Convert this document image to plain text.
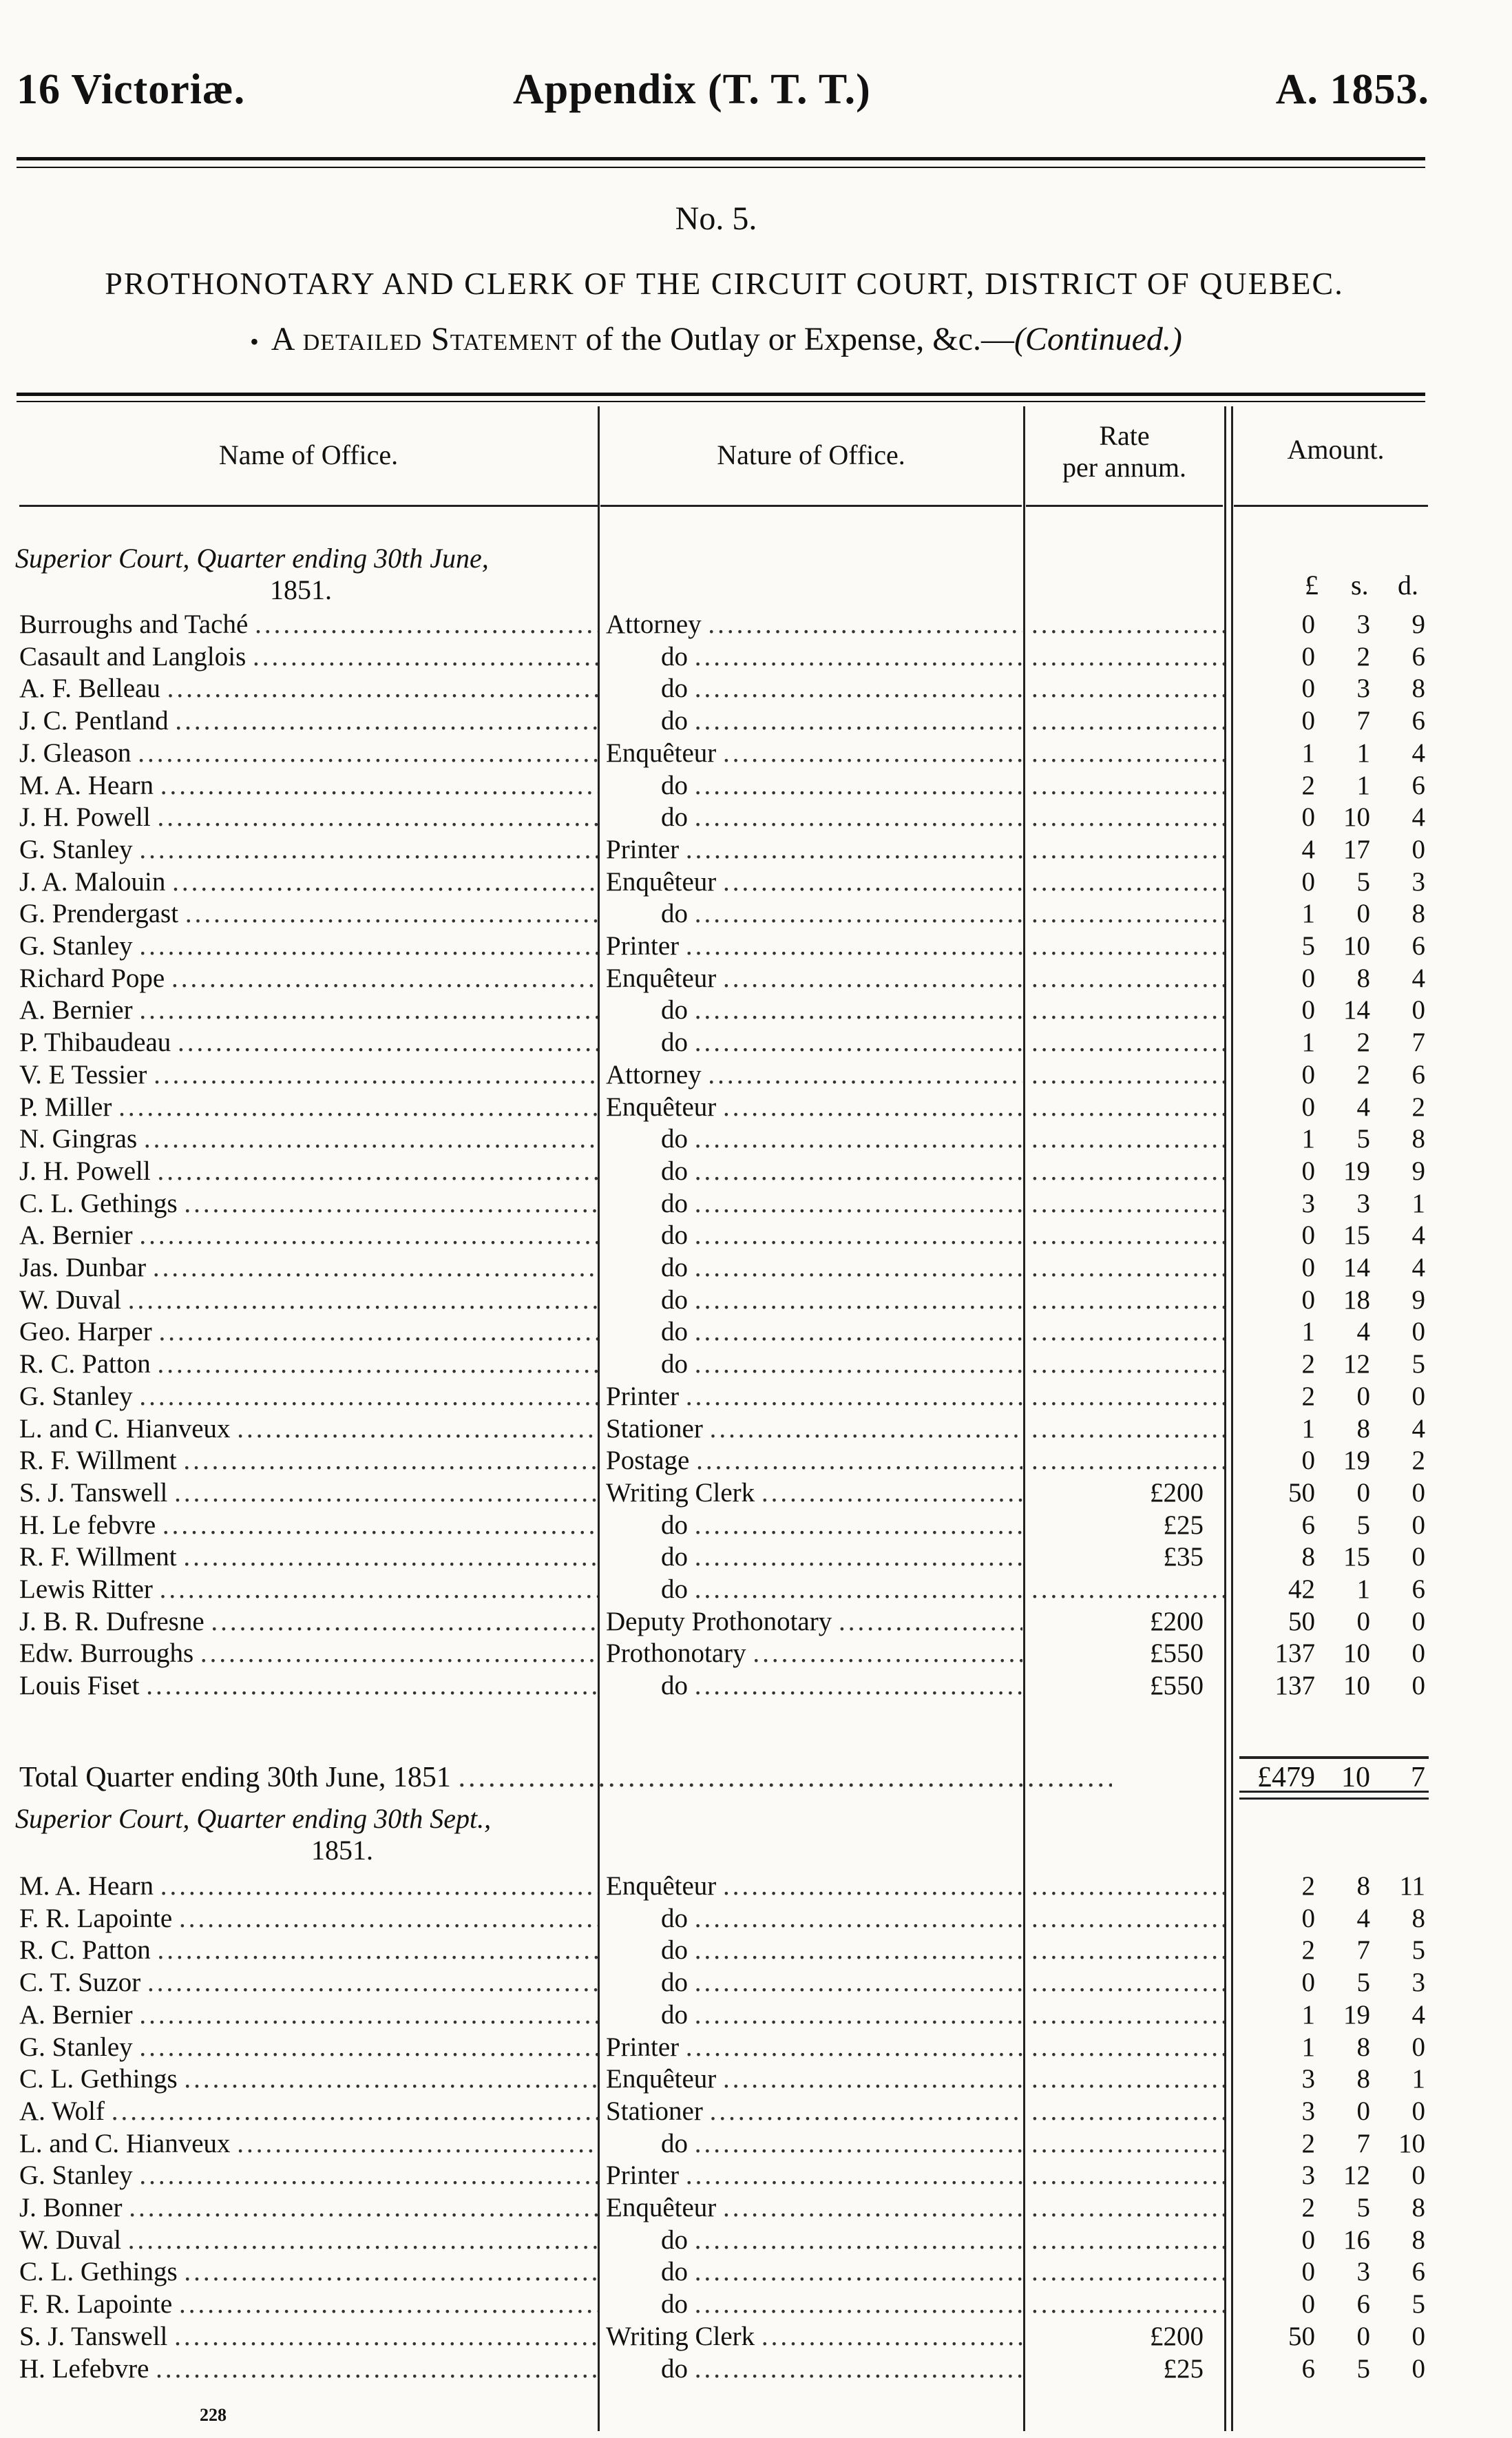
16 Victoriæ.	Appendix (T. T. T.)	A. 1853.
No. 5.
PROTHONOTARY AND CLERK OF THE CIRCUIT COURT, DISTRICT OF QUEBEC.
•  A detailed Statement of the Outlay or Expense, &c.—(Continued.)
Name of Office.	Nature of Office.
Rate
per annum.
Amount.
Superior Court, Quarter ending 30th June,
1851.	£ s. d.
Superior Court, Quarter ending 30th Sept.,
1851.
Burroughs and Taché .....	Attorney ..... .....	0	3	9
Casault and Langlois .....	do ..... .....	0	2	6
A. F. Belleau .....	do ..... .....	0	3	8
J. C. Pentland .....	do ..... .....	0	7	6
J. Gleason .....	Enquêteur ..... .....	1	1	4
M. A. Hearn .....	do ..... .....	2	1	6
J. H. Powell .....	do ..... .....	0	10	4
G. Stanley .....	Printer ..... .....	4	17	0
J. A. Malouin .....	Enquêteur ..... .....	0	5	3
G. Prendergast .....	do ..... .....	1	0	8
G. Stanley .....	Printer ..... .....	5	10	6
Richard Pope .....	Enquêteur ..... .....	0	8	4
A. Bernier .....	do ..... .....	0	14	0
P. Thibaudeau .....	do ..... .....	1	2	7
V. E Tessier .....	Attorney ..... .....	0	2	6
P. Miller .....	Enquêteur ..... .....	0	4	2
N. Gingras .....	do ..... .....	1	5	8
J. H. Powell .....	do ..... .....	0	19	9
C. L. Gethings .....	do ..... .....	3	3	1
A. Bernier .....	do ..... .....	0	15	4
Jas. Dunbar .....	do ..... .....	0	14	4
W. Duval .....	do ..... .....	0	18	9
Geo. Harper .....	do ..... .....	1	4	0
R. C. Patton .....	do ..... .....	2	12	5
G. Stanley .....	Printer ..... .....	2	0	0
L. and C. Hianveux .....	Stationer ..... .....	1	8	4
R. F. Willment .....	Postage ..... .....	0	19	2
S. J. Tanswell .....	Writing Clerk .....	£200	50	0	0
H. Le febvre .....	do .....	£25	6	5	0
R. F. Willment .....	do .....	£35	8	15	0
Lewis Ritter .....	do ..... .....	42	1	6
J. B. R. Dufresne .....	Deputy Prothonotary .....	£200	50	0	0
Edw. Burroughs .....	Prothonotary .....	£550	137	10	0
Louis Fiset .....	do .....	£550	137	10	0
Total Quarter ending 30th June, 1851 .....	£479 10	7
M. A. Hearn .....	Enquêteur ..... .....	2	8	11
F. R. Lapointe .....	do ..... .....	0	4	8
R. C. Patton .....	do ..... .....	2	7	5
C. T. Suzor .....	do ..... .....	0	5	3
A. Bernier .....	do ..... .....	1	19	4
G. Stanley .....	Printer ..... .....	1	8	0
C. L. Gethings .....	Enquêteur ..... .....	3	8	1
A. Wolf .....	Stationer ..... .....	3	0	0
L. and C. Hianveux .....	do ..... .....	2	7	10
G. Stanley .....	Printer ..... .....	3	12	0
J. Bonner .....	Enquêteur ..... .....	2	5	8
W. Duval .....	do ..... .....	0	16	8
C. L. Gethings .....	do ..... .....	0	3	6
F. R. Lapointe .....	do ..... .....	0	6	5
S. J. Tanswell .....	Writing Clerk .....	£200	50	0	0
H. Lefebvre .....	do .....	£25	6	5	0
228
